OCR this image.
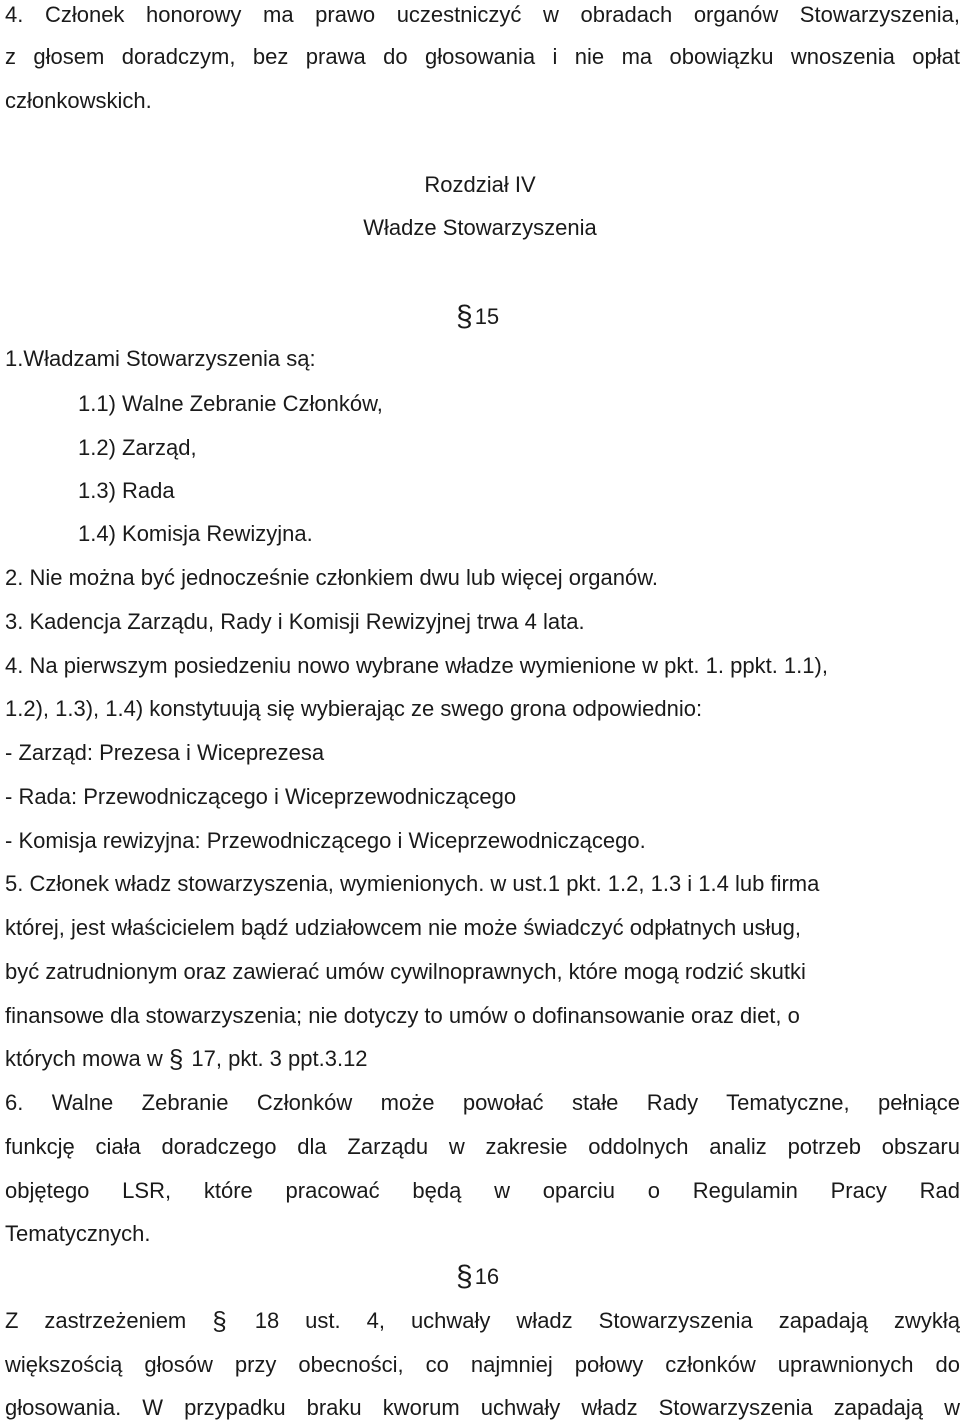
4. Członek honorowy ma prawo uczestniczyć w obradach organów Stowarzyszenia,
z głosem doradczym, bez prawa do głosowania i nie ma obowiązku wnoszenia opłat
członkowskich.
Rozdział IV
Władze Stowarzyszenia
§15
1.Władzami Stowarzyszenia są:
1.1) Walne Zebranie Członków,
1.2) Zarząd,
1.3) Rada
1.4) Komisja Rewizyjna.
2. Nie można być jednocześnie członkiem dwu lub więcej organów.
3. Kadencja Zarządu, Rady i Komisji Rewizyjnej trwa 4 lata.
4. Na pierwszym posiedzeniu nowo wybrane władze wymienione w pkt. 1. ppkt. 1.1),
1.2), 1.3), 1.4) konstytuują się wybierając ze swego grona odpowiednio:
- Zarząd: Prezesa i Wiceprezesa
- Rada: Przewodniczącego i Wiceprzewodniczącego
- Komisja rewizyjna: Przewodniczącego i Wiceprzewodniczącego.
5. Członek władz stowarzyszenia, wymienionych. w ust.1 pkt. 1.2, 1.3 i 1.4 lub firma
której, jest właścicielem bądź udziałowcem nie może świadczyć odpłatnych usług,
być zatrudnionym oraz zawierać umów cywilnoprawnych, które mogą rodzić skutki
finansowe dla stowarzyszenia; nie dotyczy to umów o dofinansowanie oraz diet, o
których mowa w § 17, pkt. 3 ppt.3.12
6. Walne Zebranie Członków może powołać stałe Rady Tematyczne, pełniące
funkcję ciała doradczego dla Zarządu w zakresie oddolnych analiz potrzeb obszaru
objętego LSR, które pracować będą w oparciu o Regulamin Pracy Rad
Tematycznych.
§16
Z zastrzeżeniem § 18 ust. 4, uchwały władz Stowarzyszenia zapadają zwykłą
większością głosów przy obecności, co najmniej połowy członków uprawnionych do
głosowania. W przypadku braku kworum uchwały władz Stowarzyszenia zapadają w
